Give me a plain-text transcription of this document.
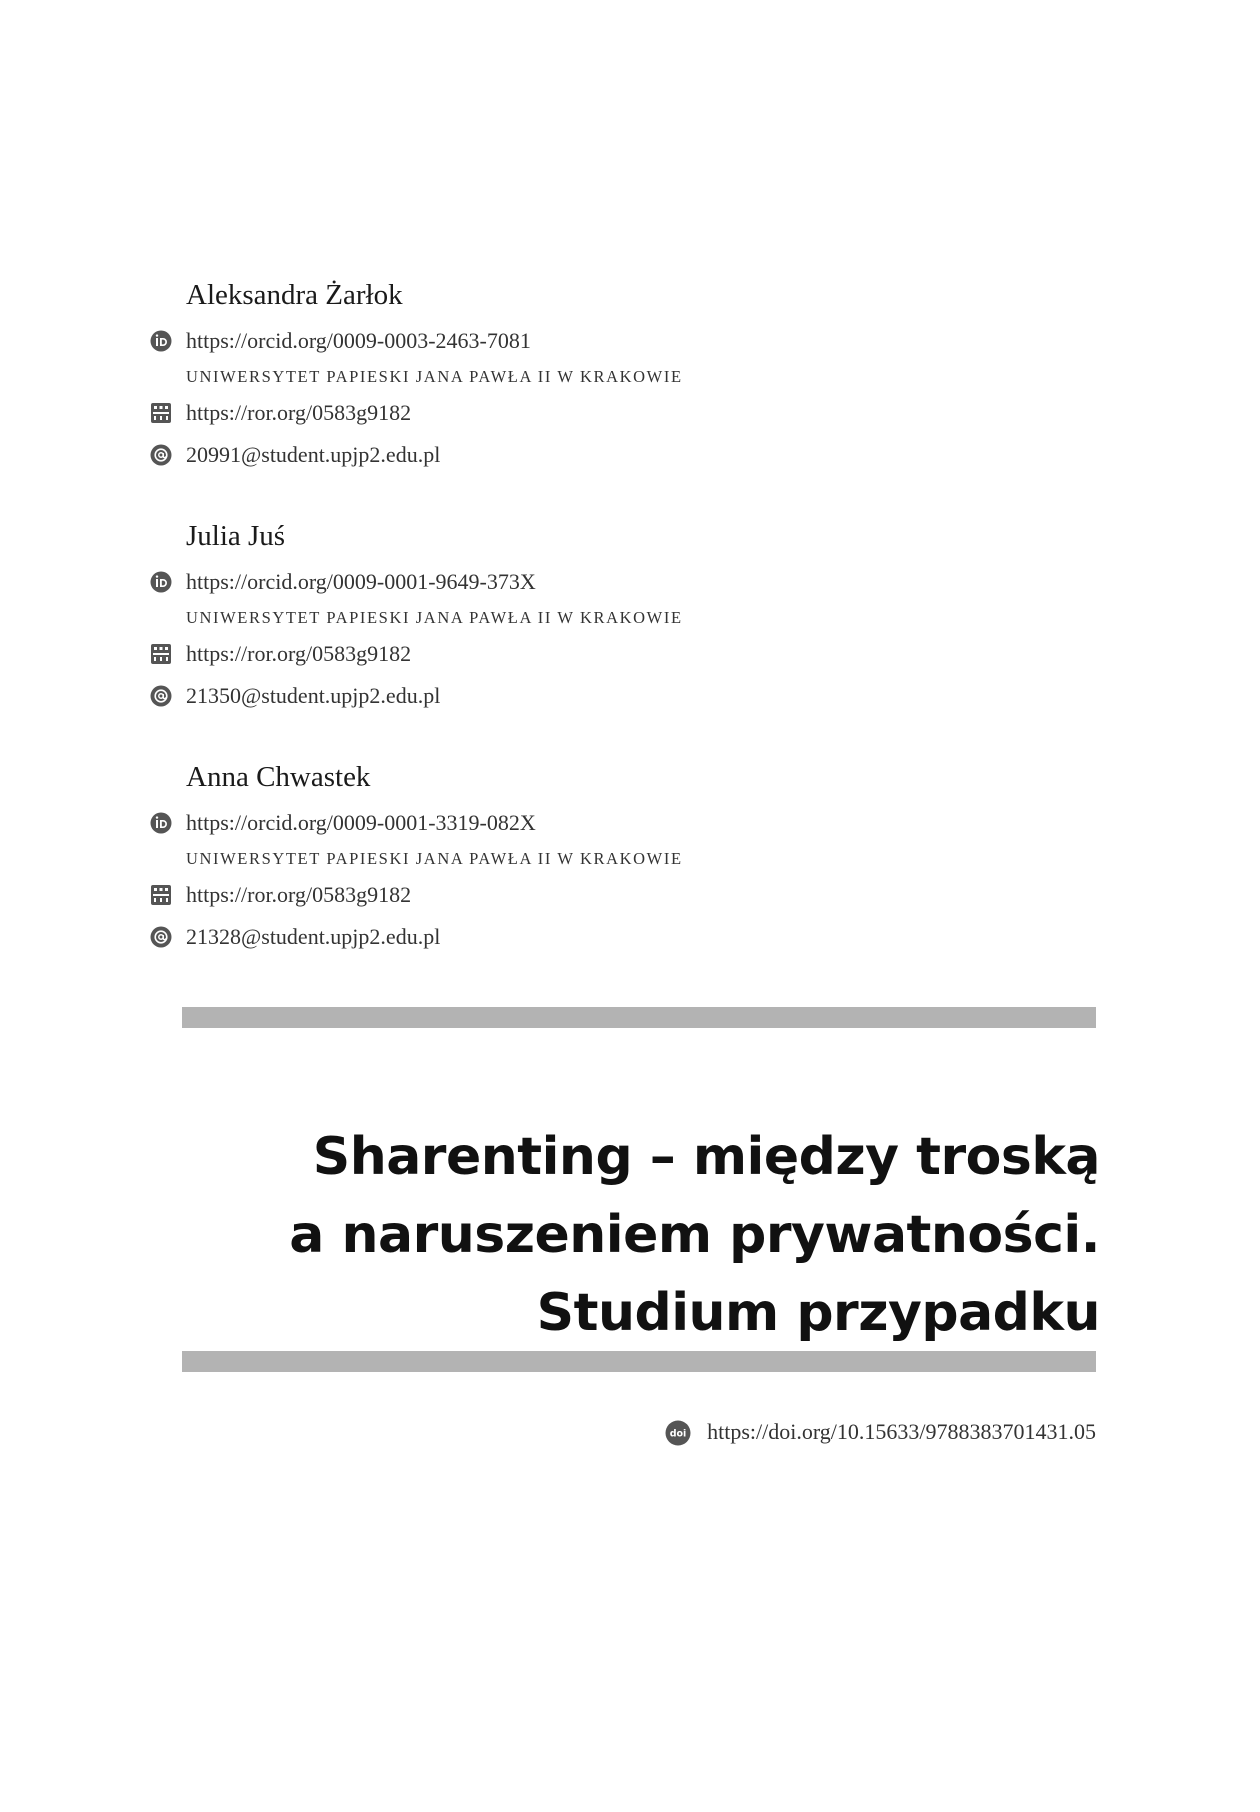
Aleksandra Żarłok
https://orcid.org/0009-0003-2463-7081
UNIWERSYTET PAPIESKI JANA PAWŁA II W KRAKOWIE
https://ror.org/0583g9182
20991@student.upjp2.edu.pl
Julia Juś
https://orcid.org/0009-0001-9649-373X
UNIWERSYTET PAPIESKI JANA PAWŁA II W KRAKOWIE
https://ror.org/0583g9182
21350@student.upjp2.edu.pl
Anna Chwastek
https://orcid.org/0009-0001-3319-082X
UNIWERSYTET PAPIESKI JANA PAWŁA II W KRAKOWIE
https://ror.org/0583g9182
21328@student.upjp2.edu.pl
Sharenting – między troską
a naruszeniem prywatności.
Studium przypadku
doi https://doi.org/10.15633/9788383701431.05
